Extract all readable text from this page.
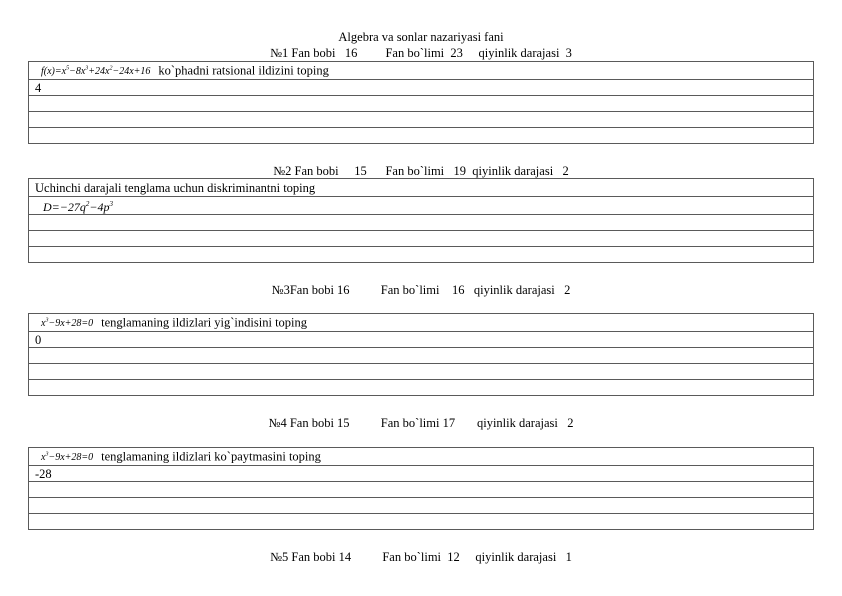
Algebra va sonlar nazariyasi fani
№1 Fan bobi   16         Fan bo`limi  23     qiyinlik darajasi  3
$f(x)=x^5-8x^3+24x^2-24x+16$ ko`phadni ratsional ildizini toping
4

№2 Fan bobi     15      Fan bo`limi   19  qiyinlik darajasi   2
Uchinchi darajali tenglama uchun diskriminantni toping
$D=-27q^2-4p^3$

№3Fan bobi 16          Fan bo`limi    16   qiyinlik darajasi   2
$x^3-9x+28=0$ tenglamaning ildizlari yig`indisini toping
0

№4 Fan bobi 15          Fan bo`limi 17       qiyinlik darajasi   2
$x^3-9x+28=0$ tenglamaning ildizlari ko`paytmasini toping
-28

№5 Fan bobi 14          Fan bo`limi  12     qiyinlik darajasi   1
